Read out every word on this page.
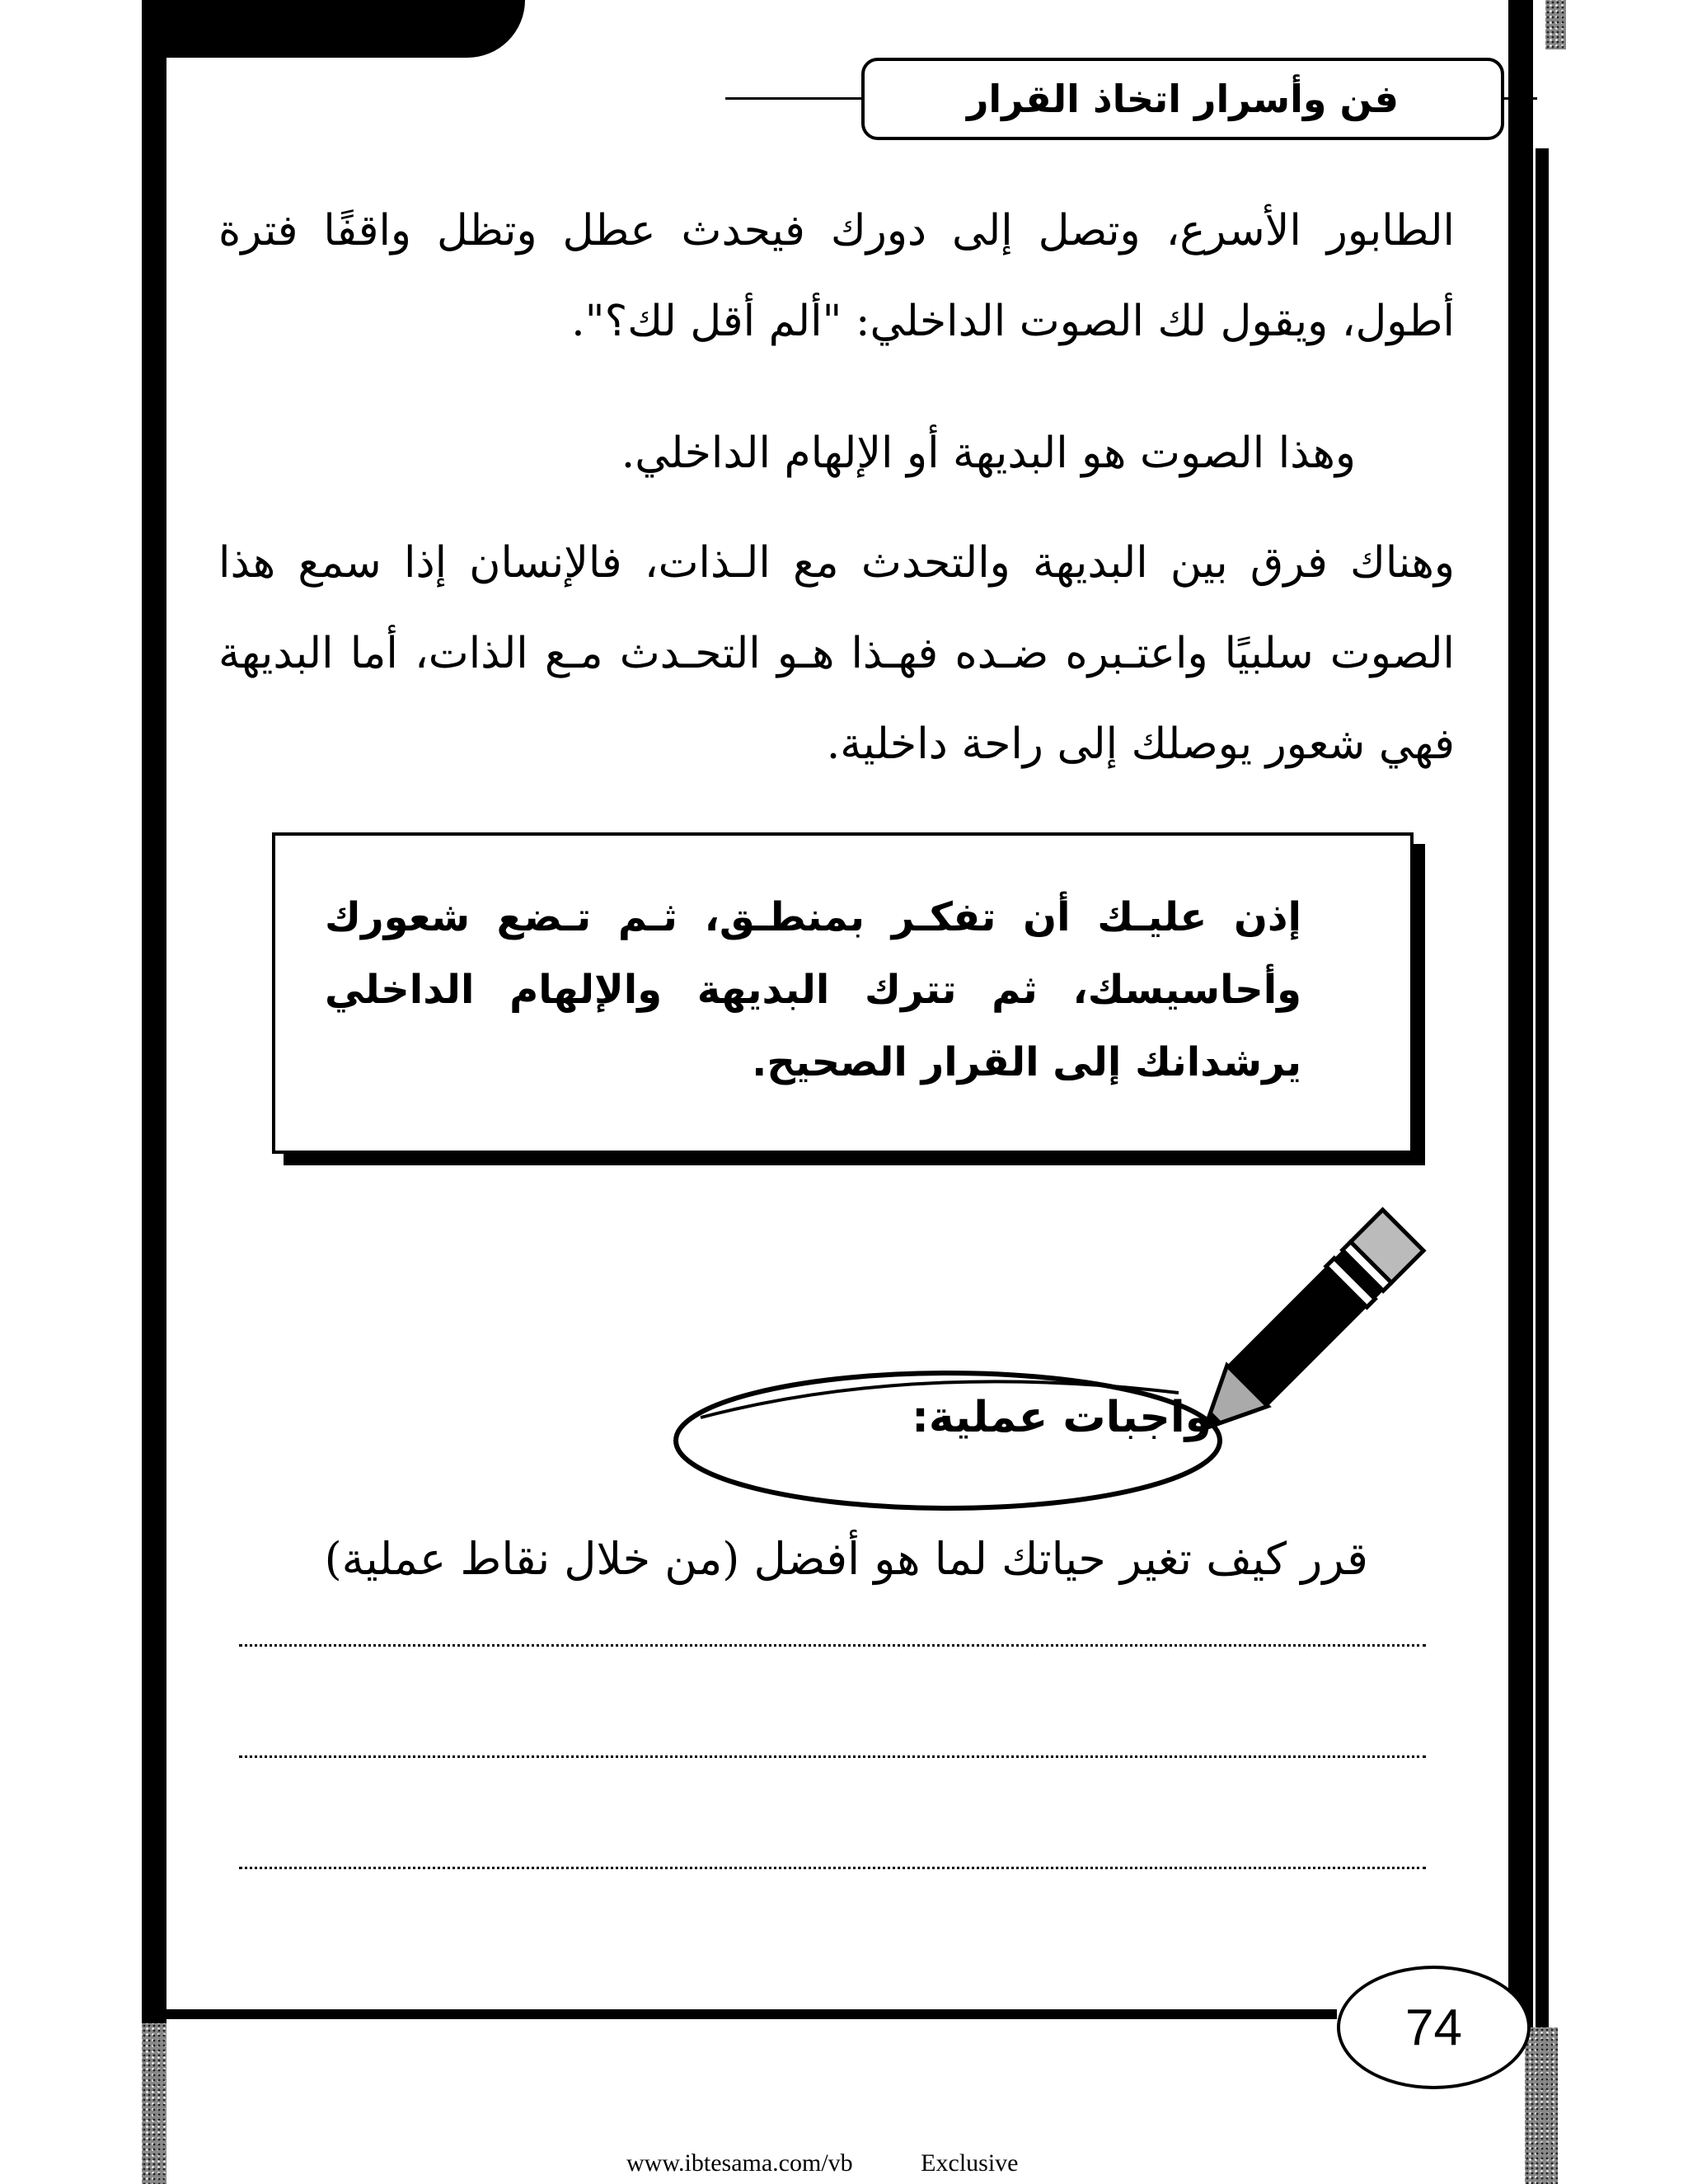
فن وأسرار اتخاذ القرار

الطابور الأسرع، وتصل إلى دورك فيحدث عطل وتظل واقفًا فترة أطول، ويقول لك الصوت الداخلي: "ألم أقل لك؟".

وهذا الصوت هو البديهة أو الإلهام الداخلي.

وهناك فرق بين البديهة والتحدث مع الـذات، فالإنسان إذا سمع هذا الصوت سلبيًا واعتـبره ضـده فهـذا هـو التحـدث مـع الذات، أما البديهة فهي شعور يوصلك إلى راحة داخلية.

إذن عليـك أن تفكـر بمنطـق، ثـم تـضع شعورك وأحاسيسك، ثم تترك البديهة والإلهام الداخلي يرشدانك إلى القرار الصحيح.
واجبات عملية:
قرر كيف تغير حياتك لما هو أفضل (من خلال نقاط عملية)
74
www.ibtesama.com/vb	Exclusive
